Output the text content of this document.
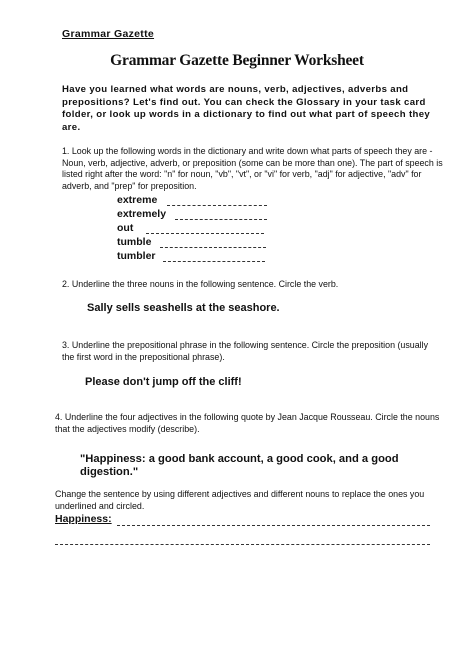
Grammar Gazette
Grammar Gazette Beginner Worksheet
Have you learned what words are nouns, verb, adjectives, adverbs and prepositions? Let's find out. You can check the Glossary in your task card folder, or look up words in a dictionary to find out what part of speech they are.
1. Look up the following words in the dictionary and write down what parts of speech they are - Noun, verb, adjective, adverb, or preposition (some can be more than one). The part of speech is listed right after the word: "n" for noun, "vb", "vt", or "vi" for verb, "adj" for adjective, "adv" for adverb, and "prep" for preposition.
extreme
extremely
out
tumble
tumbler
2. Underline the three nouns in the following sentence. Circle the verb.
Sally sells seashells at the seashore.
3. Underline the prepositional phrase in the following sentence. Circle the preposition (usually the first word in the prepositional phrase).
Please don't jump off the cliff!
4. Underline the four adjectives in the following quote by Jean Jacque Rousseau. Circle the nouns that the adjectives modify (describe).
"Happiness: a good bank account, a good cook, and a good digestion."
Change the sentence by using different adjectives and different nouns to replace the ones you underlined and circled.
Happiness:
